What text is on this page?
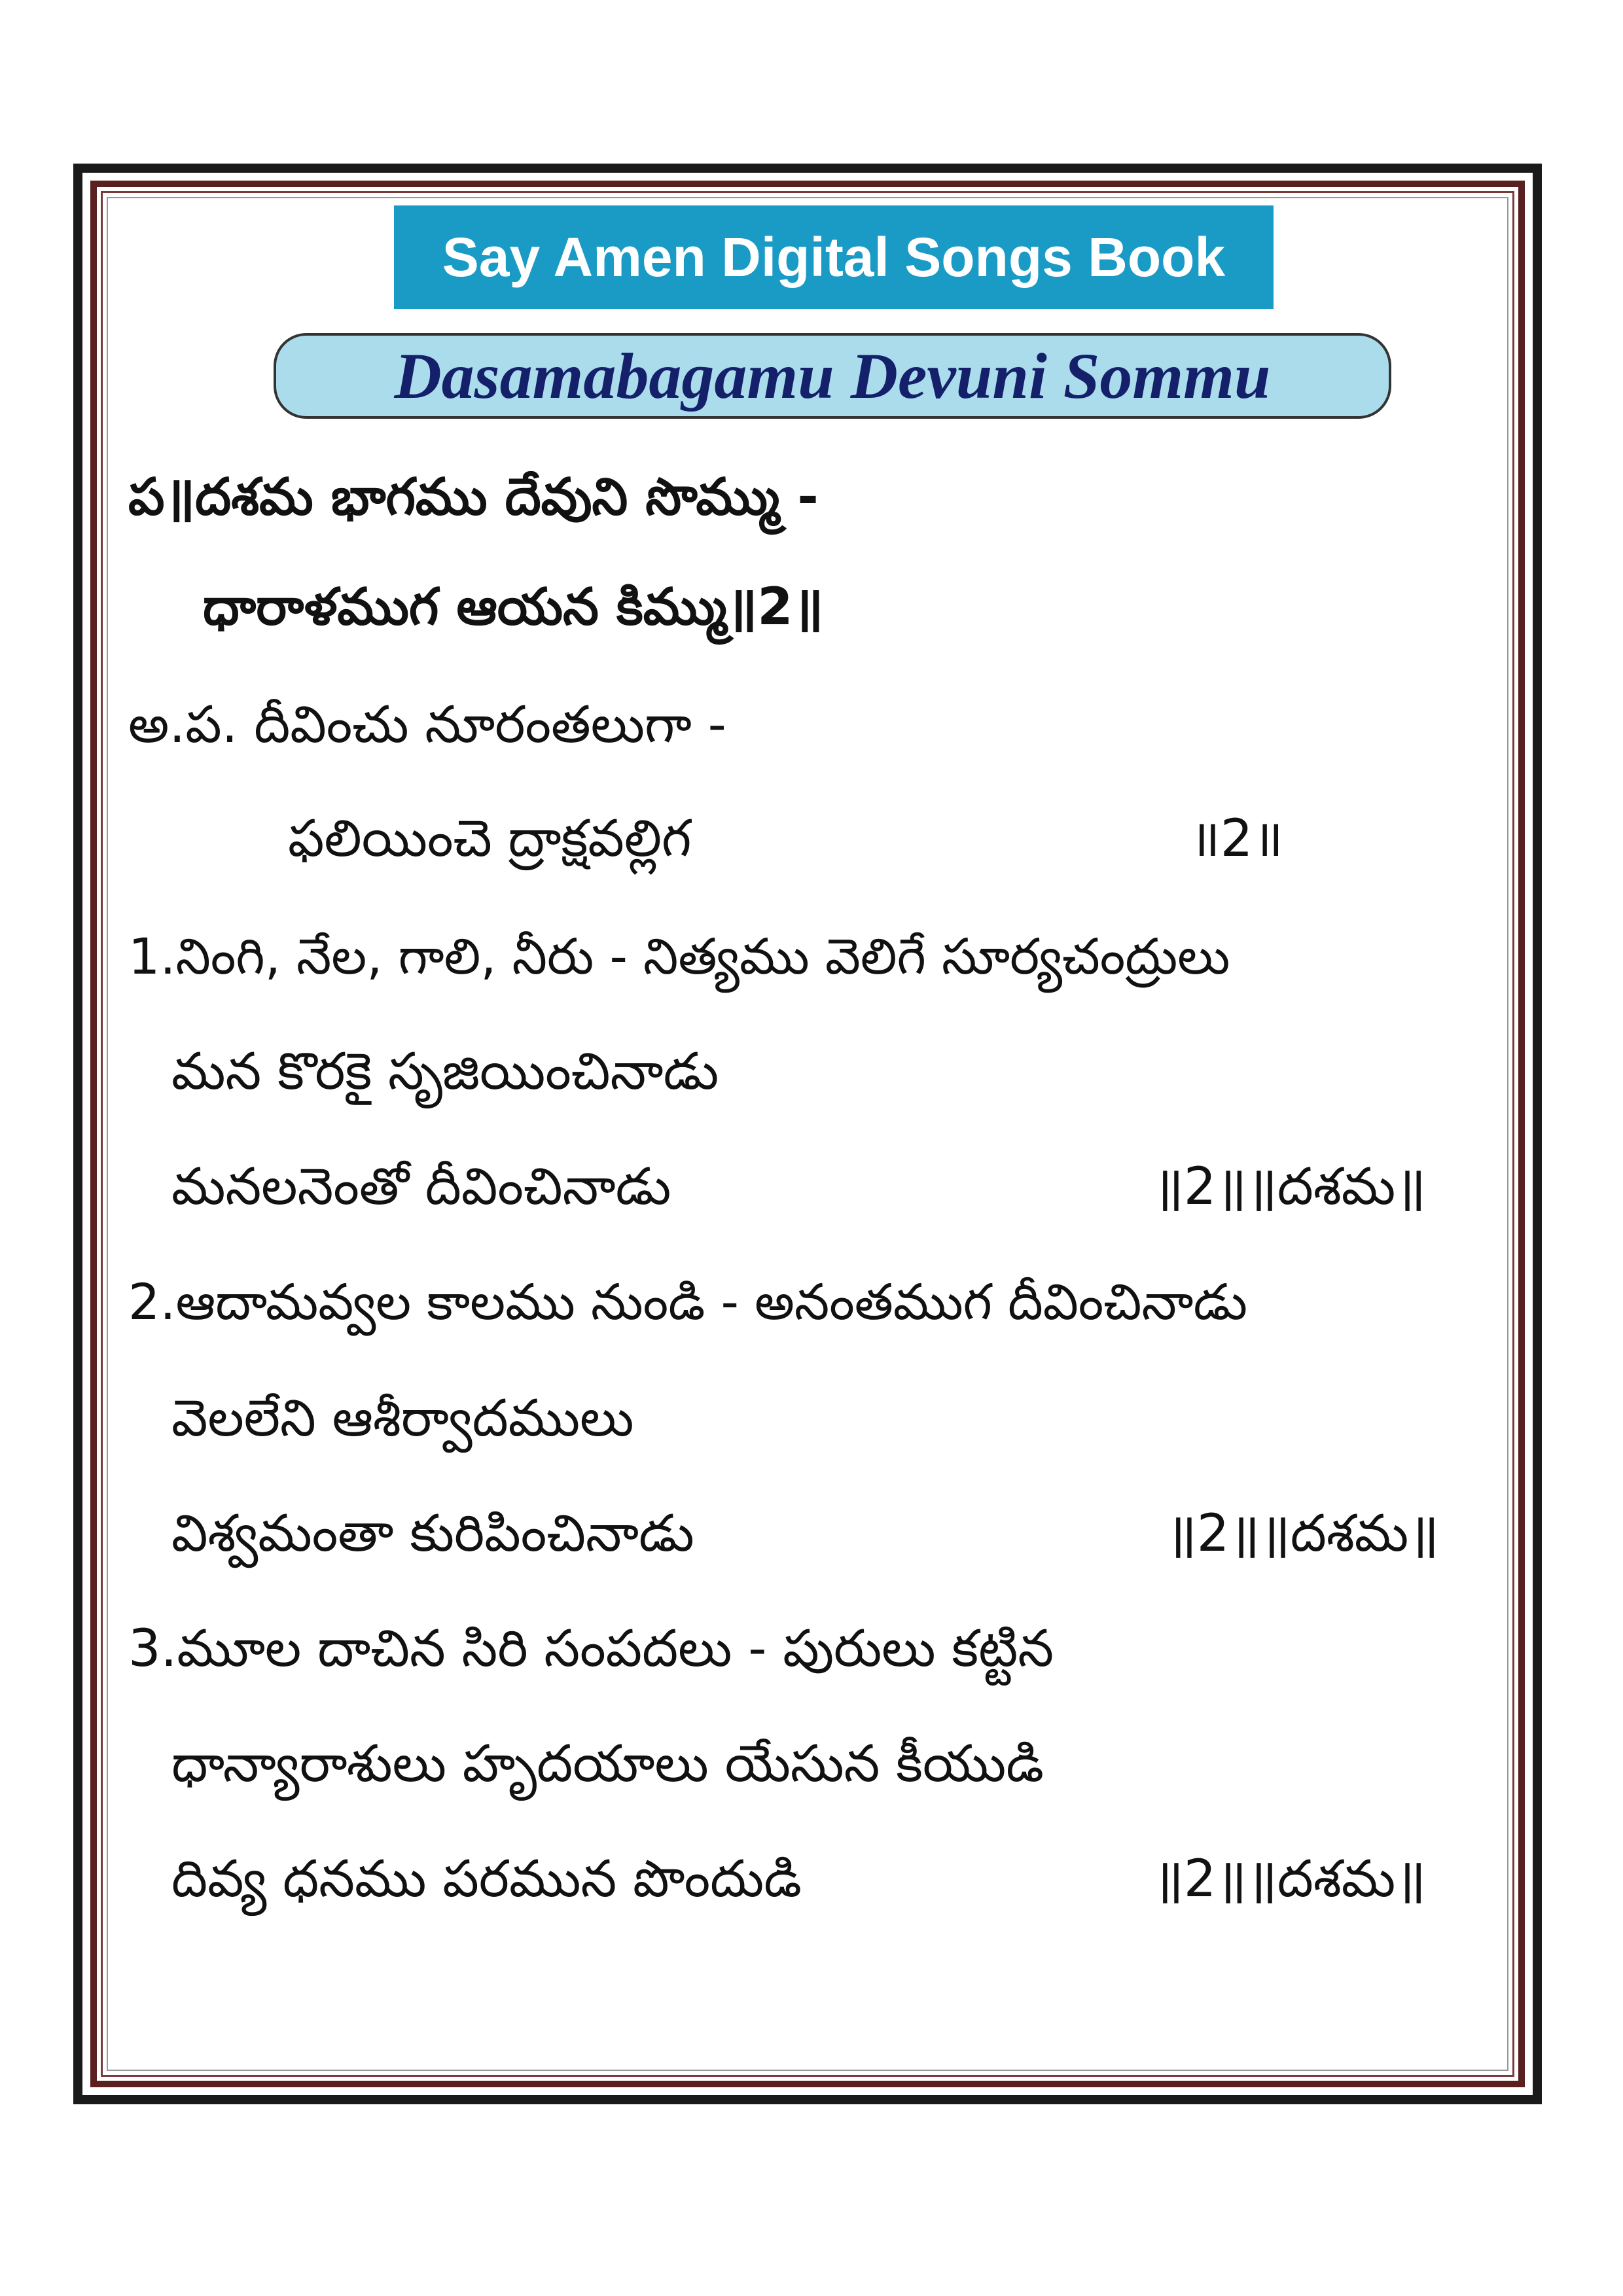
Say Amen Digital Songs Book
Dasamabagamu Devuni Sommu
ప॥దశమ భాగము దేవుని సొమ్ము -
ధారాళముగ ఆయన కిమ్ము॥2॥
అ.ప. దీవించు నూరంతలుగా -
ఫలియించె ద్రాక్షవల్లిగ	॥2॥
1.నింగి, నేల, గాలి, నీరు - నిత్యము వెలిగే సూర్యచంద్రులు
మన కొరకై సృజియించినాడు
మనలనెంతో దీవించినాడు	॥2॥॥దశమ॥
2.ఆదామవ్వల కాలము నుండి - అనంతముగ దీవించినాడు
వెలలేని ఆశీర్వాదములు
విశ్వమంతా కురిపించినాడు	॥2॥॥దశమ॥
3.మూల దాచిన సిరి సంపదలు - పురులు కట్టిన
ధాన్యారాశులు హృదయాలు యేసున కీయుడి
దివ్య ధనము పరమున పొందుడి	॥2॥॥దశమ॥
